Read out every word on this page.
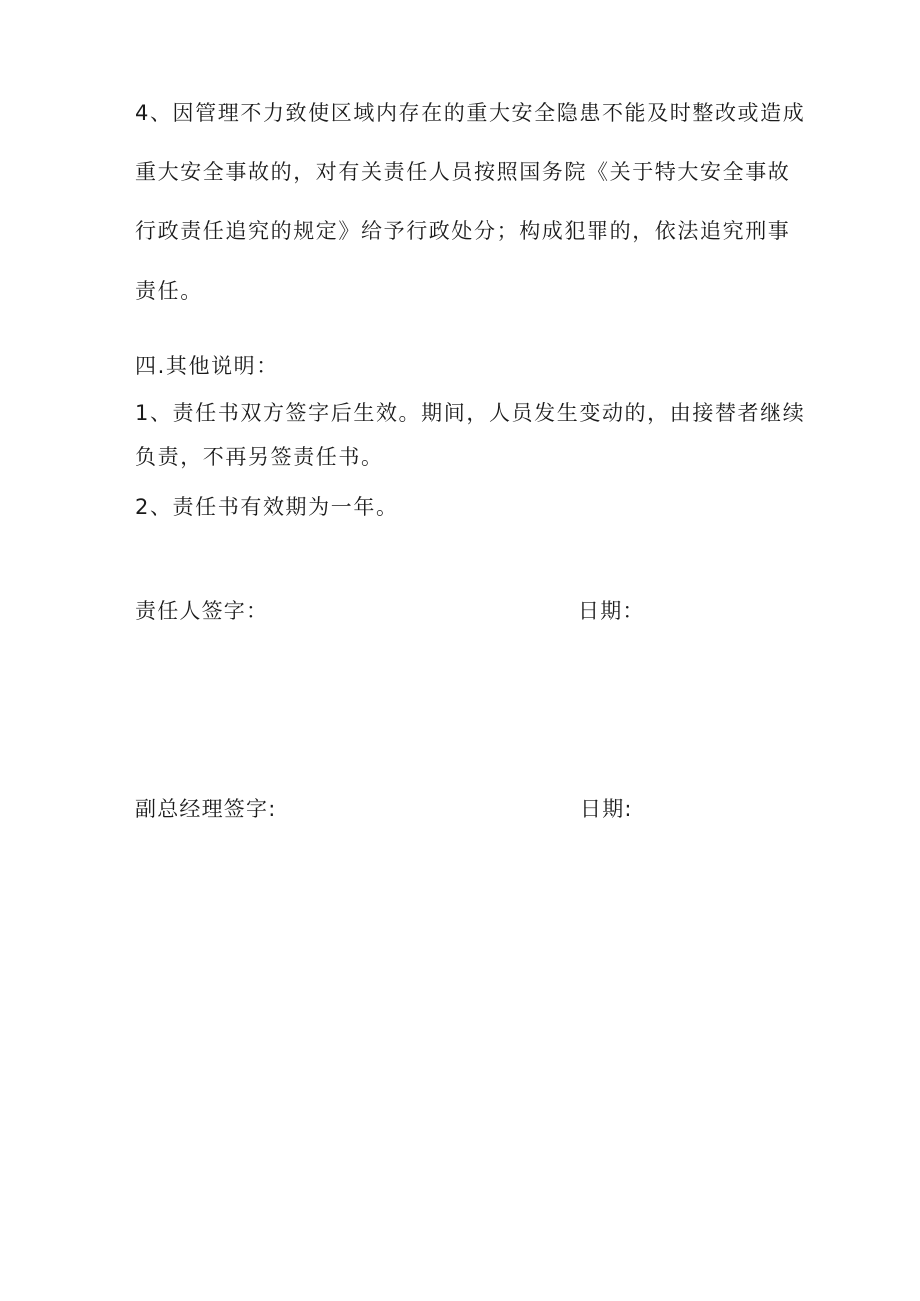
4、因管理不力致使区域内存在的重大安全隐患不能及时整改或造成
重大安全事故的，对有关责任人员按照国务院《关于特大安全事故
行政责任追究的规定》给予行政处分；构成犯罪的，依法追究刑事
责任。
四.其他说明：
1、责任书双方签字后生效。期间，人员发生变动的，由接替者继续
负责，不再另签责任书。
2、责任书有效期为一年。
责任人签字：	日期：
副总经理签字:	日期:
